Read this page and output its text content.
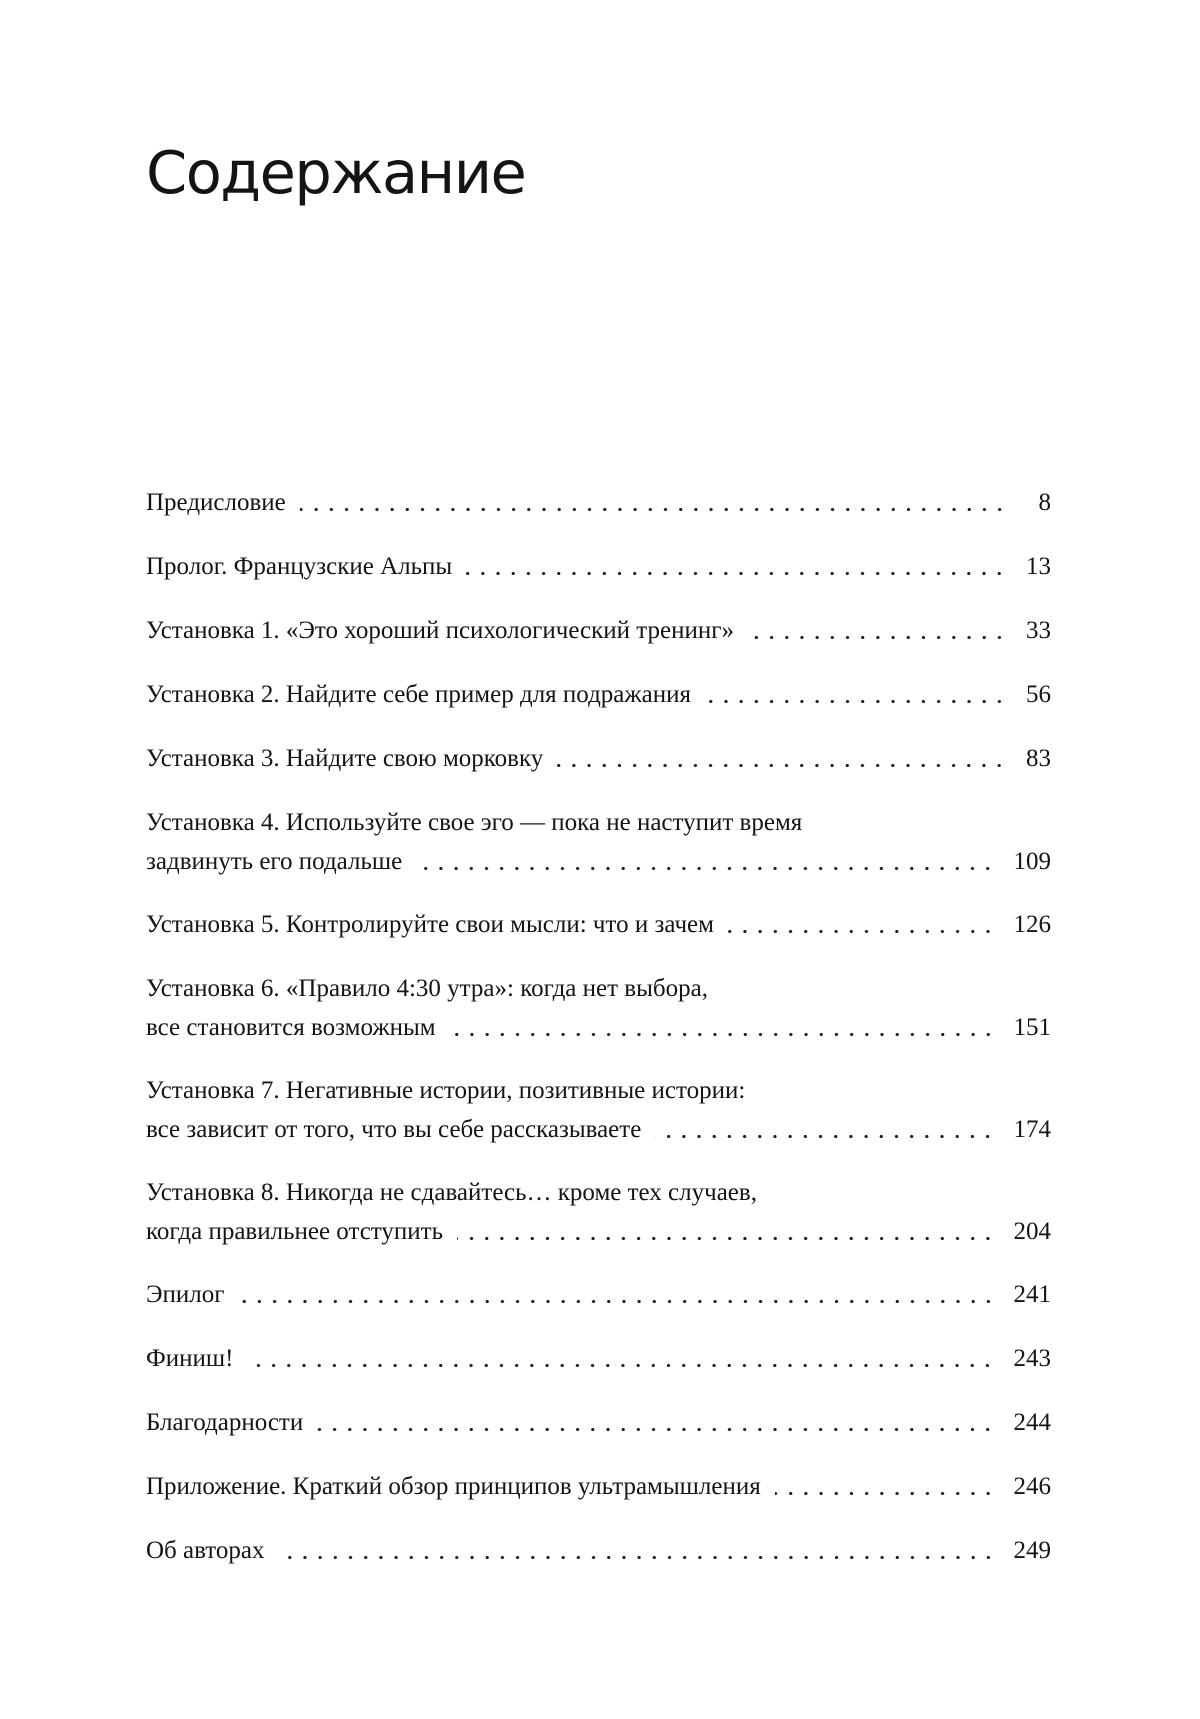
Содержание
Предисловие	8
Пролог. Французские Альпы	13
Установка 1. «Это хороший психологический тренинг»	33
Установка 2. Найдите себе пример для подражания	56
Установка 3. Найдите свою морковку	83
Установка 4. Используйте свое эго — пока не наступит время
задвинуть его подальше	109
Установка 5. Контролируйте свои мысли: что и зачем	126
Установка 6. «Правило 4:30 утра»: когда нет выбора,
все становится возможным	151
Установка 7. Негативные истории, позитивные истории:
все зависит от того, что вы себе рассказываете	174
Установка 8. Никогда не сдавайтесь… кроме тех случаев,
когда правильнее отступить	204
Эпилог	241
Финиш!	243
Благодарности	244
Приложение. Краткий обзор принципов ультрамышления	246
Об авторах	249
